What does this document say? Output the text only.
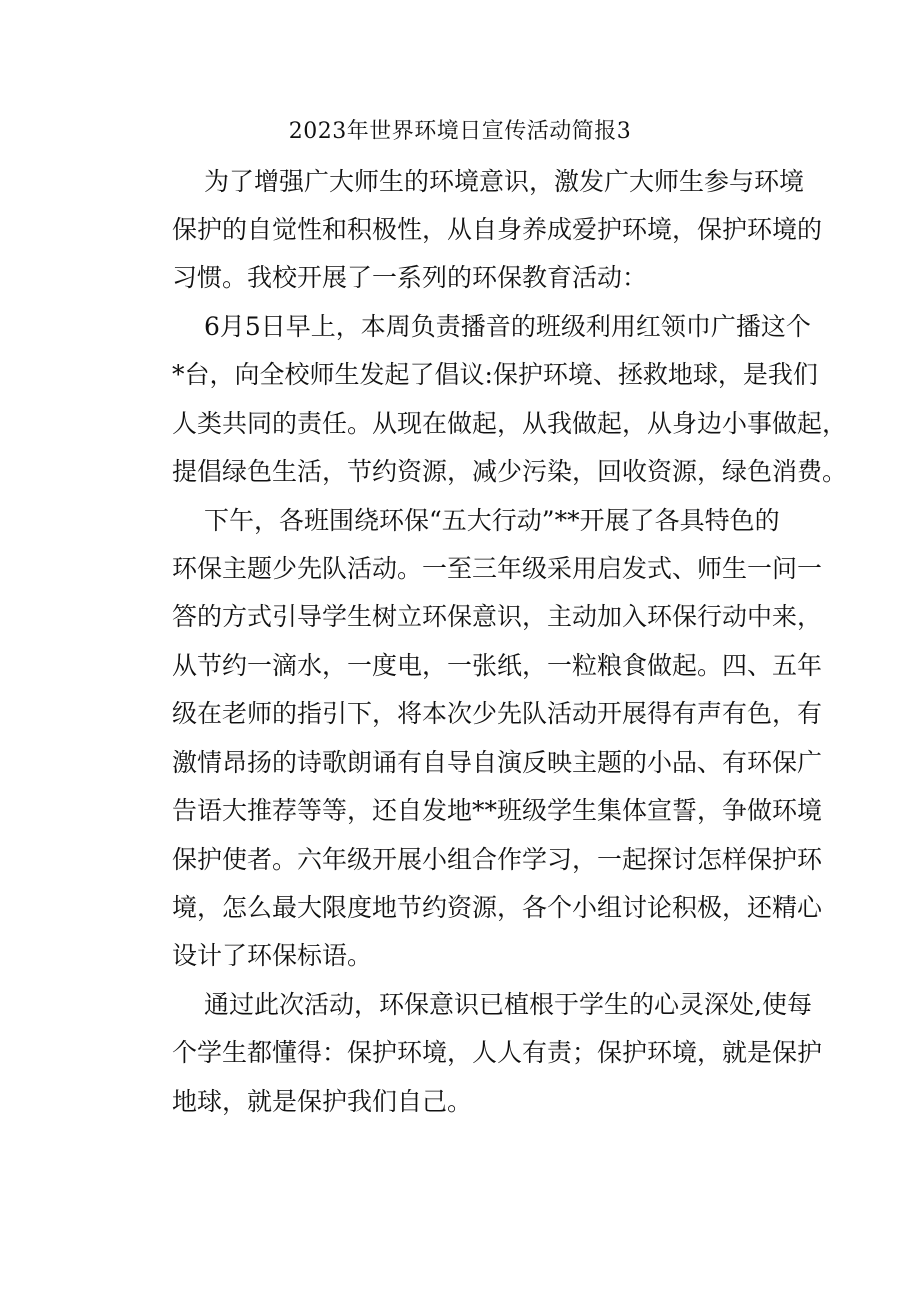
2023年世界环境日宣传活动简报3
为了增强广大师生的环境意识，激发广大师生参与环境
保护的自觉性和积极性，从自身养成爱护环境，保护环境的
习惯。我校开展了一系列的环保教育活动：
6月5日早上，本周负责播音的班级利用红领巾广播这个
*台，向全校师生发起了倡议:保护环境、拯救地球，是我们
人类共同的责任。从现在做起，从我做起，从身边小事做起，
提倡绿色生活，节约资源，减少污染，回收资源，绿色消费。
下午，各班围绕环保“五大行动”**开展了各具特色的
环保主题少先队活动。一至三年级采用启发式、师生一问一
答的方式引导学生树立环保意识，主动加入环保行动中来，
从节约一滴水，一度电，一张纸，一粒粮食做起。四、五年
级在老师的指引下，将本次少先队活动开展得有声有色，有
激情昂扬的诗歌朗诵有自导自演反映主题的小品、有环保广
告语大推荐等等，还自发地**班级学生集体宣誓，争做环境
保护使者。六年级开展小组合作学习，一起探讨怎样保护环
境，怎么最大限度地节约资源，各个小组讨论积极，还精心
设计了环保标语。
通过此次活动，环保意识已植根于学生的心灵深处,使每
个学生都懂得：保护环境，人人有责；保护环境，就是保护
地球，就是保护我们自己。
